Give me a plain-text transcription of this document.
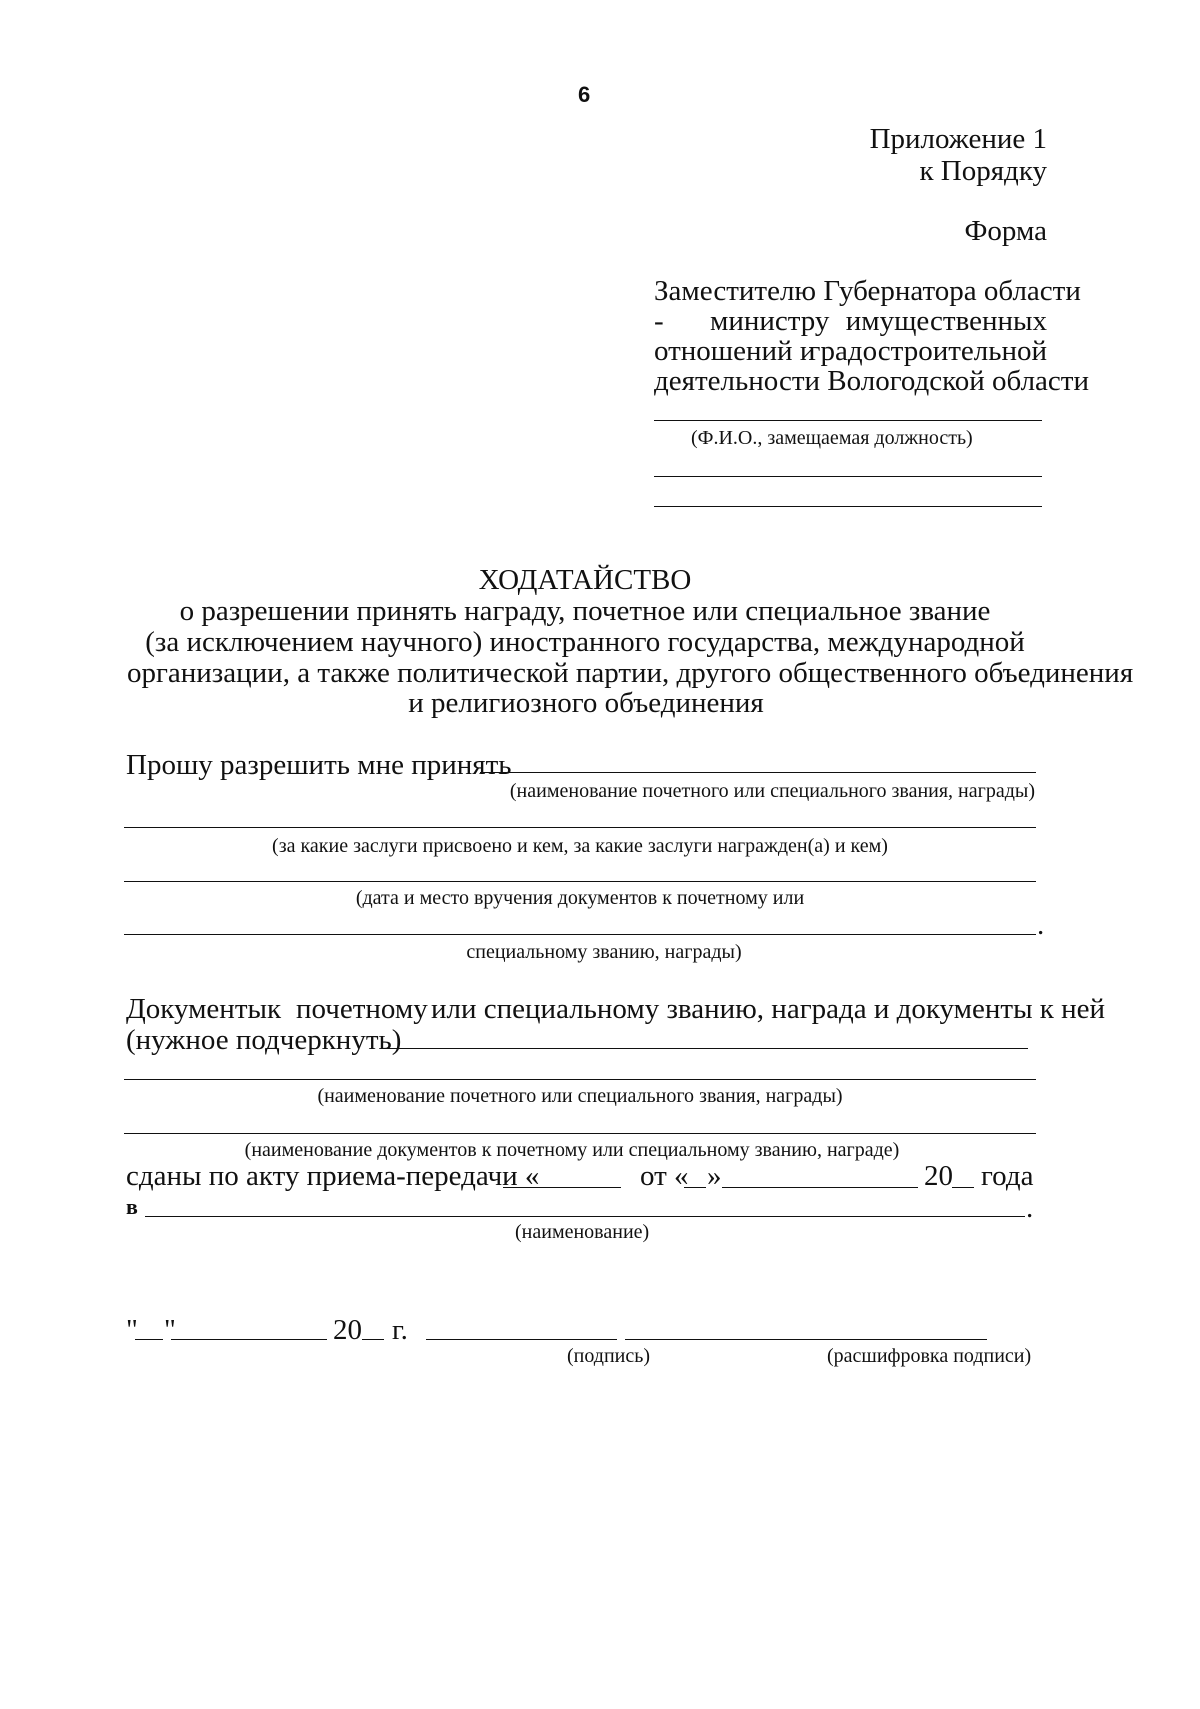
6
Приложение 1
к Порядку
Форма
Заместителю Губернатора области
- министру имущественных
отношений и
градостроительной
деятельности Вологодской области
(Ф.И.О., замещаемая должность)
ХОДАТАЙСТВО
о разрешении принять награду, почетное или специальное звание
(за исключением научного) иностранного государства, международной
организации, а также политической партии, другого общественного объединения
и религиозного объединения
Прошу разрешить мне принять
(наименование почетного или специального звания, награды)
(за какие заслуги присвоено и кем, за какие заслуги награжден(а) и кем)
(дата и место вручения документов к почетному или
.
специальному званию, награды)
Документы к почетному или специальному званию, награда и документы к ней
(нужное подчеркнуть)
(наименование почетного или специального звания, награды)
(наименование документов к почетному или специальному званию, награде)
сданы по акту приема-передачи «	от « »	20 года
в	.
(наименование)
" "	20 г.
(подпись)	(расшифровка подписи)
